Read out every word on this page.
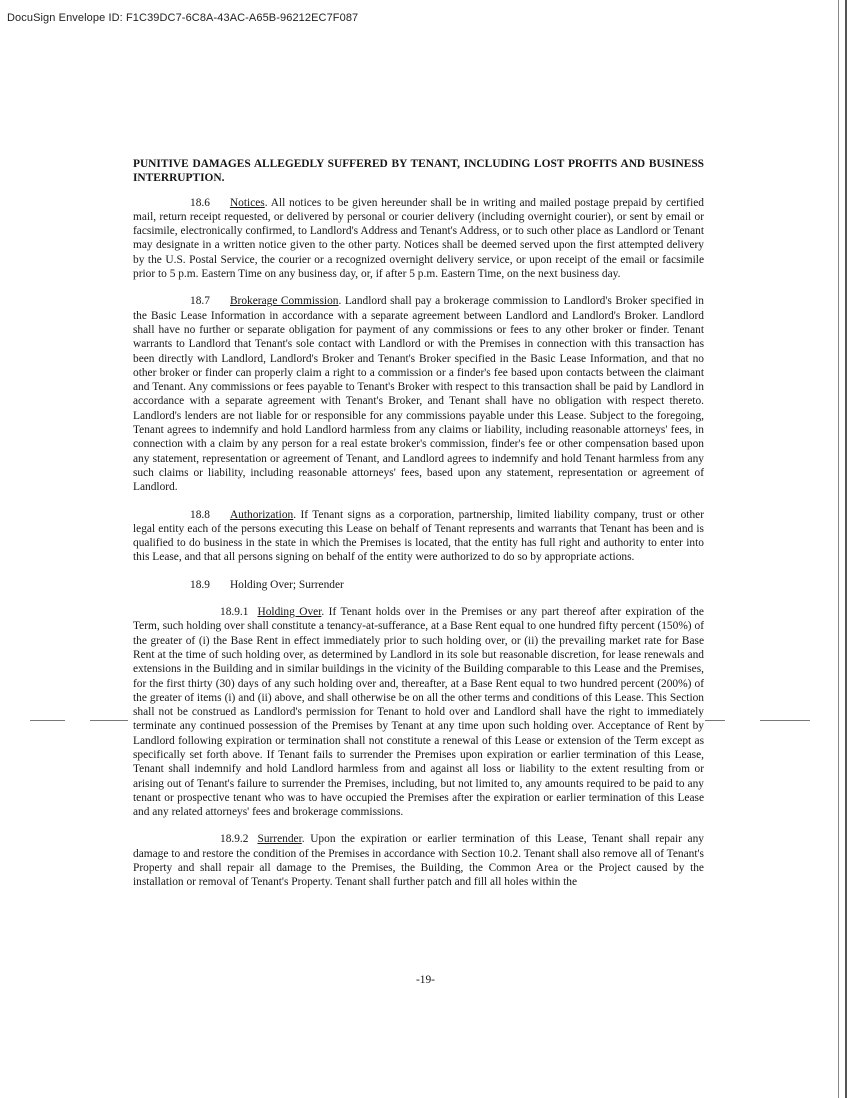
DocuSign Envelope ID: F1C39DC7-6C8A-43AC-A65B-96212EC7F087

PUNITIVE DAMAGES ALLEGEDLY SUFFERED BY TENANT, INCLUDING LOST PROFITS AND BUSINESS INTERRUPTION.

18.6 Notices. All notices to be given hereunder shall be in writing and mailed postage prepaid by certified mail, return receipt requested, or delivered by personal or courier delivery (including overnight courier), or sent by email or facsimile, electronically confirmed, to Landlord's Address and Tenant's Address, or to such other place as Landlord or Tenant may designate in a written notice given to the other party. Notices shall be deemed served upon the first attempted delivery by the U.S. Postal Service, the courier or a recognized overnight delivery service, or upon receipt of the email or facsimile prior to 5 p.m. Eastern Time on any business day, or, if after 5 p.m. Eastern Time, on the next business day.

18.7 Brokerage Commission. Landlord shall pay a brokerage commission to Landlord's Broker specified in the Basic Lease Information in accordance with a separate agreement between Landlord and Landlord's Broker. Landlord shall have no further or separate obligation for payment of any commissions or fees to any other broker or finder. Tenant warrants to Landlord that Tenant's sole contact with Landlord or with the Premises in connection with this transaction has been directly with Landlord, Landlord's Broker and Tenant's Broker specified in the Basic Lease Information, and that no other broker or finder can properly claim a right to a commission or a finder's fee based upon contacts between the claimant and Tenant. Any commissions or fees payable to Tenant's Broker with respect to this transaction shall be paid by Landlord in accordance with a separate agreement with Tenant's Broker, and Tenant shall have no obligation with respect thereto. Landlord's lenders are not liable for or responsible for any commissions payable under this Lease. Subject to the foregoing, Tenant agrees to indemnify and hold Landlord harmless from any claims or liability, including reasonable attorneys' fees, in connection with a claim by any person for a real estate broker's commission, finder's fee or other compensation based upon any statement, representation or agreement of Tenant, and Landlord agrees to indemnify and hold Tenant harmless from any such claims or liability, including reasonable attorneys' fees, based upon any statement, representation or agreement of Landlord.

18.8 Authorization. If Tenant signs as a corporation, partnership, limited liability company, trust or other legal entity each of the persons executing this Lease on behalf of Tenant represents and warrants that Tenant has been and is qualified to do business in the state in which the Premises is located, that the entity has full right and authority to enter into this Lease, and that all persons signing on behalf of the entity were authorized to do so by appropriate actions.

18.9 Holding Over; Surrender

18.9.1 Holding Over. If Tenant holds over in the Premises or any part thereof after expiration of the Term, such holding over shall constitute a tenancy-at-sufferance, at a Base Rent equal to one hundred fifty percent (150%) of the greater of (i) the Base Rent in effect immediately prior to such holding over, or (ii) the prevailing market rate for Base Rent at the time of such holding over, as determined by Landlord in its sole but reasonable discretion, for lease renewals and extensions in the Building and in similar buildings in the vicinity of the Building comparable to this Lease and the Premises, for the first thirty (30) days of any such holding over and, thereafter, at a Base Rent equal to two hundred percent (200%) of the greater of items (i) and (ii) above, and shall otherwise be on all the other terms and conditions of this Lease. This Section shall not be construed as Landlord's permission for Tenant to hold over and Landlord shall have the right to immediately terminate any continued possession of the Premises by Tenant at any time upon such holding over. Acceptance of Rent by Landlord following expiration or termination shall not constitute a renewal of this Lease or extension of the Term except as specifically set forth above. If Tenant fails to surrender the Premises upon expiration or earlier termination of this Lease, Tenant shall indemnify and hold Landlord harmless from and against all loss or liability to the extent resulting from or arising out of Tenant's failure to surrender the Premises, including, but not limited to, any amounts required to be paid to any tenant or prospective tenant who was to have occupied the Premises after the expiration or earlier termination of this Lease and any related attorneys' fees and brokerage commissions.

18.9.2 Surrender. Upon the expiration or earlier termination of this Lease, Tenant shall repair any damage to and restore the condition of the Premises in accordance with Section 10.2. Tenant shall also remove all of Tenant's Property and shall repair all damage to the Premises, the Building, the Common Area or the Project caused by the installation or removal of Tenant's Property. Tenant shall further patch and fill all holes within the

-19-
